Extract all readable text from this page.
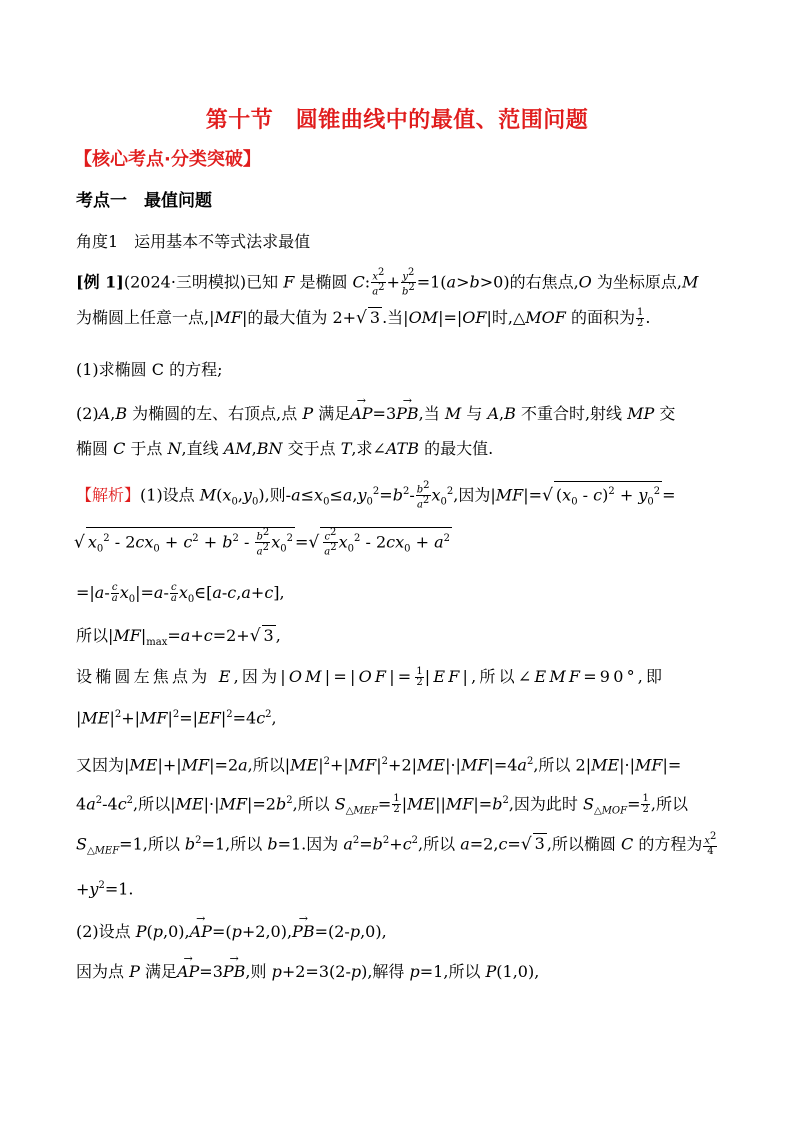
第十节　圆锥曲线中的最值、范围问题
【核心考点·分类突破】
考点一　最值问题
角度1　运用基本不等式法求最值
[例 1](2024·三明模拟)已知 F 是椭圆 C: $\frac{x^2}{a^2} + \frac{y^2}{b^2} =1(a>b>0)$的右焦点,O 为坐标原点,M
为椭圆上任意一点,|MF|的最大值为 2+√ 3 .当|OM|=|OF|时,△MOF 的面积为 $\frac{1}{2}$ .
(1)求椭圆 C 的方程;
(2)A,B 为椭圆的左、右顶点,点 P 满足→ AP=3→ PB,当 M 与 A,B 不重合时,射线 MP 交
椭圆 C 于点 N,直线 AM,BN 交于点 T,求∠ATB 的最大值.
【解析】(1)设点 $M(x_0,y_0)$,则$-a\le x_0\le a,y_0^2=b^2- \frac{b^2}{a^2} x_0^2$,因为|MF|=√ $(x_0 - c)^2 + y_0^2$ =
√ $x_0^2 - 2cx_0 + c^2 + b^2 - \frac{b^2}{a^2} x_0^2$ =√ $\frac{c^2}{a^2} x_0^2 - 2cx_0 + a^2$
$=|a- \frac{c}{a} x_0|=a- \frac{c}{a}$ $x_0\in[a-c,a+c]$,
所以$|MF|_{max}=a+c=2+√$ 3 ,
设椭圆左焦点为 E,因为$|OM|=|OF|= \frac{1}{2} |EF|$,所以∠EMF=90°,即
$|ME|^2+|MF|^2=|EF|^2=4c^2$,
又因为|ME|+|MF|=2a,所以$|ME|^2+|MF|^2+2|ME|\cdot|MF|=4a^2$,所以 2|ME|·|MF|=
$4a^2-4c^2$,所以$|ME|\cdot|MF|=2b^2$,所以 $S_{\triangle MEF}= \frac{1}{2} |ME||MF|=b^2$,因为此时 $S_{\triangle MOF}= \frac{1}{2}$ ,所以
$S_{\triangle MEF}=1$,所以 $b^2=1$,所以 b=1.因为 $a^2=b^2+c^2$,所以 a=2,c=√ 3 ,所以椭圆 C 的方程为 $\frac{x^2}{4}$
$+y^2=1$.
(2)设点 P(p,0),→ AP=(p+2,0),→ PB=(2-p,0),
因为点 P 满足→ AP=3→ PB,则 p+2=3(2-p),解得 p=1,所以 P(1,0),
